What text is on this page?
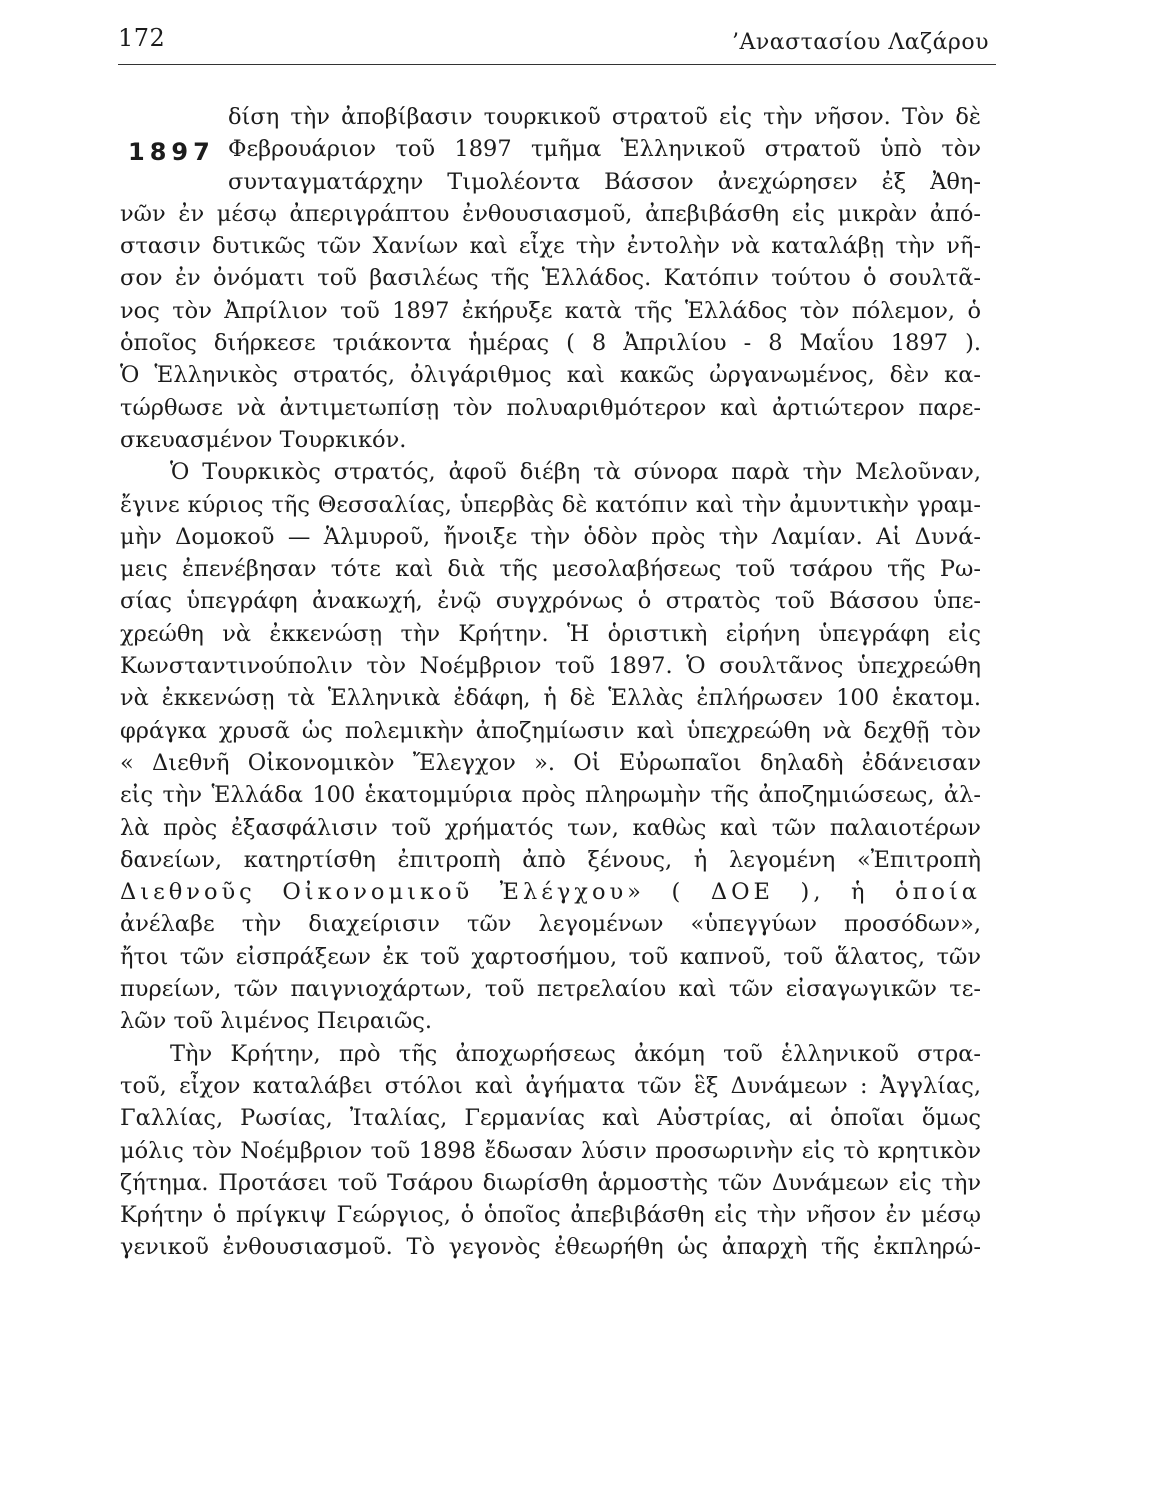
172	’Αναστασίου Λαζάρου
1897

δίση τὴν ἀποβίβασιν τουρκικοῦ στρατοῦ εἰς τὴν νῆσον. Τὸν δὲ
Φεβρουάριον τοῦ 1897 τμῆμα Ἑλληνικοῦ στρατοῦ ὑπὸ τὸν
συνταγματάρχην Τιμολέοντα Βάσσον ἀνεχώρησεν ἐξ Ἀθη-
νῶν ἐν μέσῳ ἀπεριγράπτου ἐνθουσιασμοῦ, ἀπεβιβάσθη εἰς μικρὰν ἀπό-
στασιν δυτικῶς τῶν Χανίων καὶ εἶχε τὴν ἐντολὴν νὰ καταλάβῃ τὴν νῆ-
σον ἐν ὀνόματι τοῦ βασιλέως τῆς Ἑλλάδος. Κατόπιν τούτου ὁ σουλτᾶ-
νος τὸν Ἀπρίλιον τοῦ 1897 ἐκήρυξε κατὰ τῆς Ἑλλάδος τὸν πόλεμον, ὁ
ὁποῖος διήρκεσε τριάκοντα ἡμέρας ( 8 Ἀπριλίου - 8 Μαΐου 1897 ).
Ὁ Ἑλληνικὸς στρατός, ὀλιγάριθμος καὶ κακῶς ὠργανωμένος, δὲν κα-
τώρθωσε νὰ ἀντιμετωπίσῃ τὸν πολυαριθμότερον καὶ ἀρτιώτερον παρε-
σκευασμένον Τουρκικόν.

Ὁ Τουρκικὸς στρατός, ἀφοῦ διέβη τὰ σύνορα παρὰ τὴν Μελοῦναν,
ἔγινε κύριος τῆς Θεσσαλίας, ὑπερβὰς δὲ κατόπιν καὶ τὴν ἀμυντικὴν γραμ-
μὴν Δομοκοῦ — Ἁλμυροῦ, ἤνοιξε τὴν ὁδὸν πρὸς τὴν Λαμίαν. Αἱ Δυνά-
μεις ἐπενέβησαν τότε καὶ διὰ τῆς μεσολαβήσεως τοῦ τσάρου τῆς Ρω-
σίας ὑπεγράφη ἀνακωχή, ἐνῷ συγχρόνως ὁ στρατὸς τοῦ Βάσσου ὑπε-
χρεώθη νὰ ἐκκενώσῃ τὴν Κρήτην. Ἡ ὁριστικὴ εἰρήνη ὑπεγράφη εἰς
Κωνσταντινούπολιν τὸν Νοέμβριον τοῦ 1897. Ὁ σουλτᾶνος ὑπεχρεώθη
νὰ ἐκκενώσῃ τὰ Ἑλληνικὰ ἐδάφη, ἡ δὲ Ἑλλὰς ἐπλήρωσεν 100 ἑκατομ.
φράγκα χρυσᾶ ὡς πολεμικὴν ἀποζημίωσιν καὶ ὑπεχρεώθη νὰ δεχθῇ τὸν
« Διεθνῆ Οἰκονομικὸν Ἔλεγχον ». Οἱ Εὐρωπαῖοι δηλαδὴ ἐδάνεισαν
εἰς τὴν Ἑλλάδα 100 ἑκατομμύρια πρὸς πληρωμὴν τῆς ἀποζημιώσεως, ἀλ-
λὰ πρὸς ἐξασφάλισιν τοῦ χρήματός των, καθὼς καὶ τῶν παλαιοτέρων
δανείων, κατηρτίσθη ἐπιτροπὴ ἀπὸ ξένους, ἡ λεγομένη «Ἐπιτροπὴ
Διεθνοῦς Οἰκονομικοῦ Ἐλέγχου» ( ΔΟΕ ), ἡ ὁποία
ἀνέλαβε τὴν διαχείρισιν τῶν λεγομένων «ὑπεγγύων προσόδων»,
ἤτοι τῶν εἰσπράξεων ἐκ τοῦ χαρτοσήμου, τοῦ καπνοῦ, τοῦ ἅλατος, τῶν
πυρείων, τῶν παιγνιοχάρτων, τοῦ πετρελαίου καὶ τῶν εἰσαγωγικῶν τε-
λῶν τοῦ λιμένος Πειραιῶς.

Τὴν Κρήτην, πρὸ τῆς ἀποχωρήσεως ἀκόμη τοῦ ἑλληνικοῦ στρα-
τοῦ, εἶχον καταλάβει στόλοι καὶ ἀγήματα τῶν ἓξ Δυνάμεων : Ἀγγλίας,
Γαλλίας, Ρωσίας, Ἰταλίας, Γερμανίας καὶ Αὐστρίας, αἱ ὁποῖαι ὅμως
μόλις τὸν Νοέμβριον τοῦ 1898 ἔδωσαν λύσιν προσωρινὴν εἰς τὸ κρητικὸν
ζήτημα. Προτάσει τοῦ Τσάρου διωρίσθη ἁρμοστὴς τῶν Δυνάμεων εἰς τὴν
Κρήτην ὁ πρίγκιψ Γεώργιος, ὁ ὁποῖος ἀπεβιβάσθη εἰς τὴν νῆσον ἐν μέσῳ
γενικοῦ ἐνθουσιασμοῦ. Τὸ γεγονὸς ἐθεωρήθη ὡς ἀπαρχὴ τῆς ἐκπληρώ-
